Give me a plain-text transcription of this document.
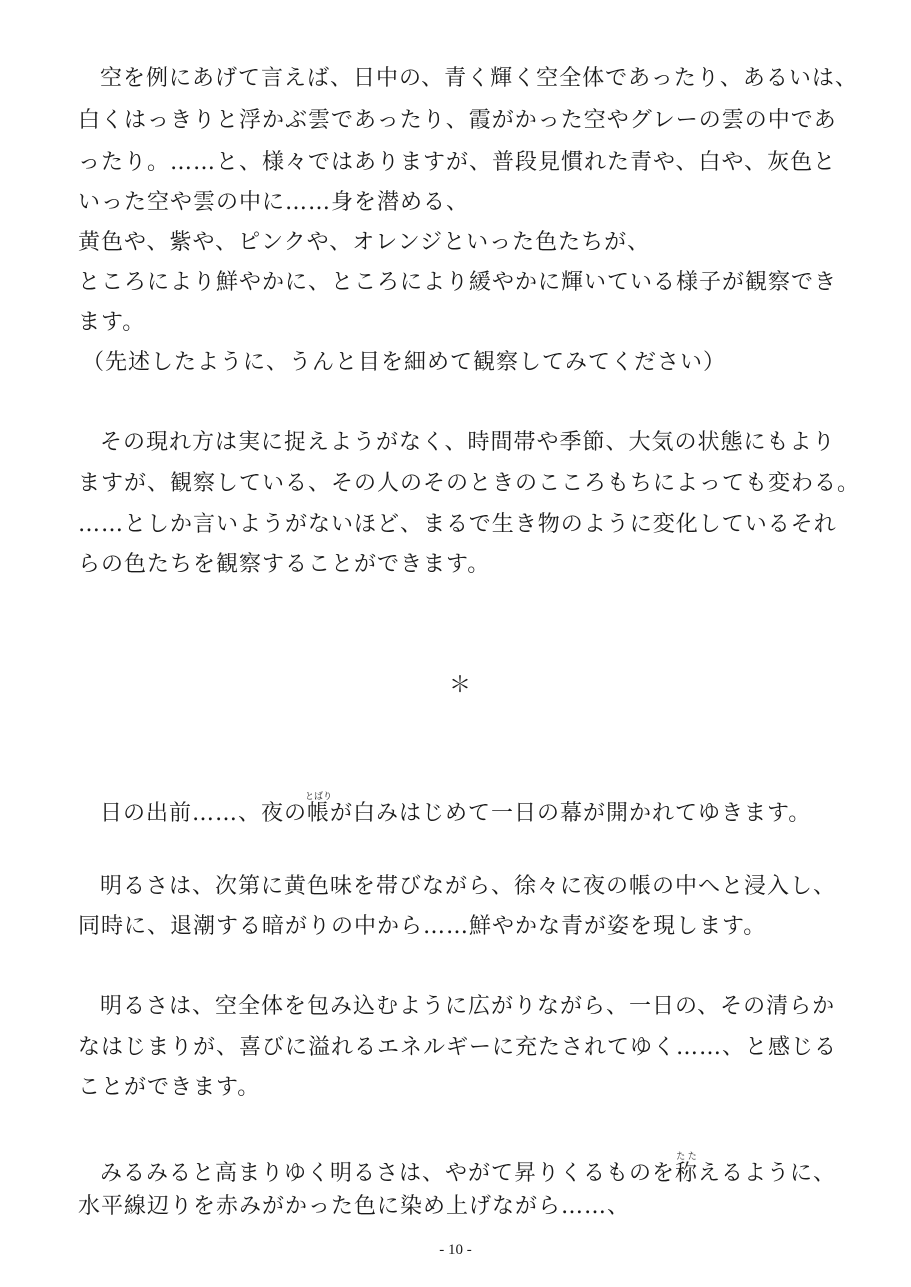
空を例にあげて言えば、日中の、青く輝く空全体であったり、あるいは、
白くはっきりと浮かぶ雲であったり、霞がかった空やグレーの雲の中であ
ったり。……と、様々ではありますが、普段見慣れた青や、白や、灰色と
いった空や雲の中に……身を潜める、
黄色や、紫や、ピンクや、オレンジといった色たちが、
ところにより鮮やかに、ところにより緩やかに輝いている様子が観察でき
ます。
（先述したように、うんと目を細めて観察してみてください）
その現れ方は実に捉えようがなく、時間帯や季節、大気の状態にもより
ますが、観察している、その人のそのときのこころもちによっても変わる。
……としか言いようがないほど、まるで生き物のように変化しているそれ
らの色たちを観察することができます。
＊
日の出前……、夜の帳とばりが白みはじめて一日の幕が開かれてゆきます。
明るさは、次第に黄色味を帯びながら、徐々に夜の帳の中へと浸入し、
同時に、退潮する暗がりの中から……鮮やかな青が姿を現します。
明るさは、空全体を包み込むように広がりながら、一日の、その清らか
なはじまりが、喜びに溢れるエネルギーに充たされてゆく……、と感じる
ことができます。
みるみると高まりゆく明るさは、やがて昇りくるものを称たたえるように、
水平線辺りを赤みがかった色に染め上げながら……、
- 10 -
